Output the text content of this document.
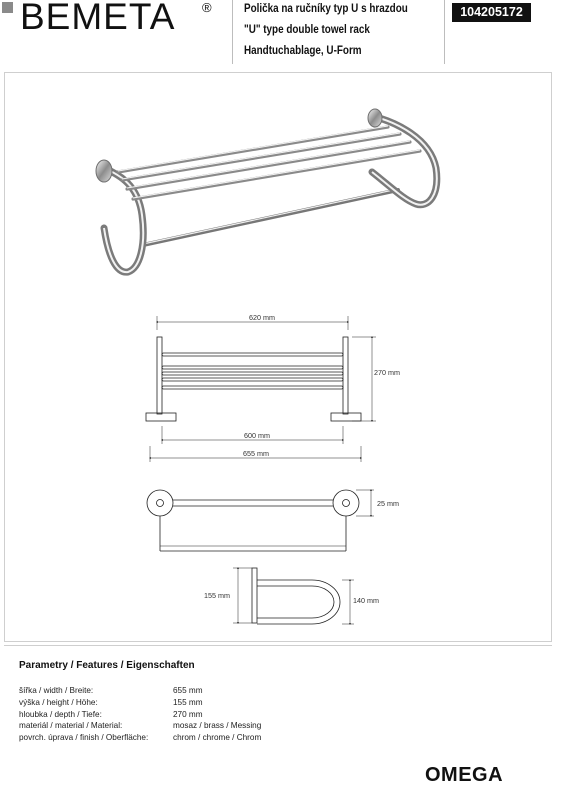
BEMETA ®	Polička na ručníky typ U s hrazdou
"U" type double towel rack
Handtuchablage, U-Form
104205172
620 mm
270 mm
600 mm
655 mm
25 mm
155 mm
140 mm
Parametry / Features / Eigenschaften
šířka / width / Breite:	655 mm
výška / height / Höhe:	155 mm
hloubka / depth / Tiefe:	270 mm
materiál / material / Material:	mosaz / brass / Messing
povrch. úprava / finish / Oberfläche:	chrom / chrome / Chrom
OMEGA
